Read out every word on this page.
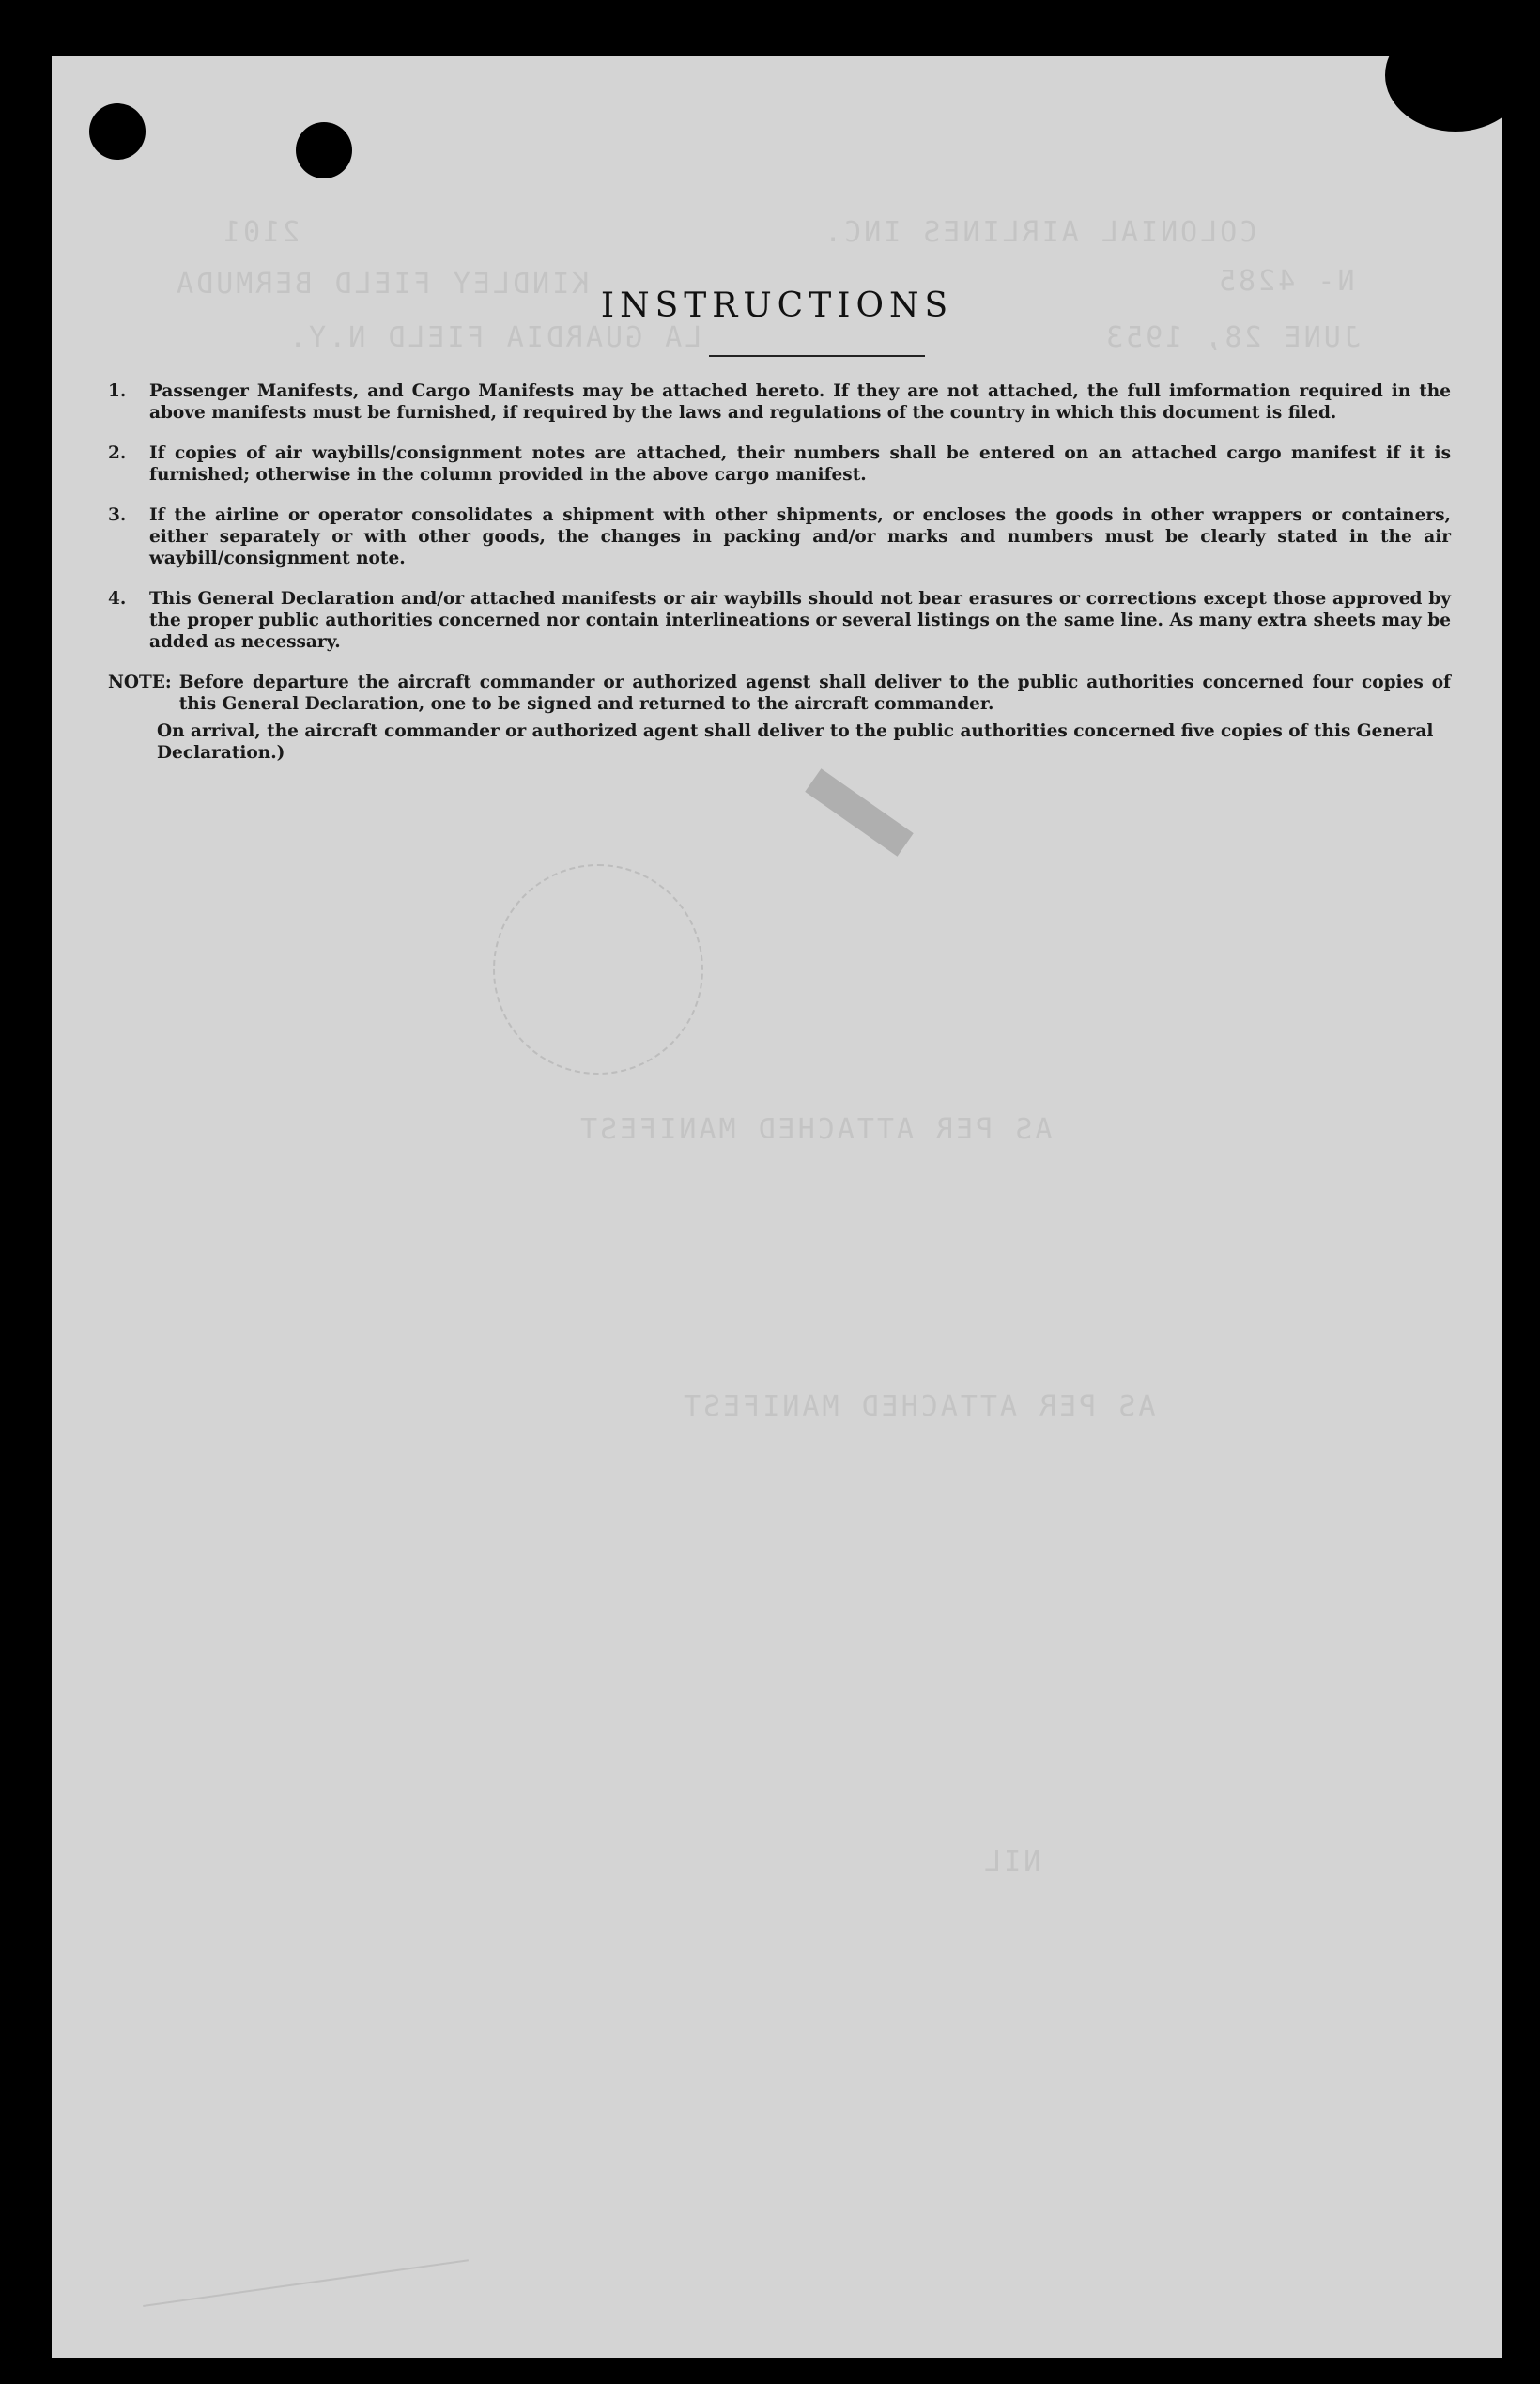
COLONIAL AIRLINES INC.
2101
N- 4285
KINDLEY FIELD BERMUDA
LA GUARDIA FIELD N.Y.	JUNE 28, 1953
AS PER ATTACHED MANIFEST
AS PER ATTACHED MANIFEST
NIL
INSTRUCTIONS
1.	Passenger Manifests, and Cargo Manifests may be attached hereto. If they are not attached, the full imformation required in the above manifests must be furnished, if required by the laws and regulations of the country in which this document is filed.
2.	If copies of air waybills/consignment notes are attached, their numbers shall be entered on an attached cargo manifest if it is furnished; otherwise in the column provided in the above cargo manifest.
3.	If the airline or operator consolidates a shipment with other shipments, or encloses the goods in other wrappers or containers, either separately or with other goods, the changes in packing and/or marks and numbers must be clearly stated in the air waybill/consignment note.
4.	This General Declaration and/or attached manifests or air waybills should not bear erasures or corrections except those approved by the proper public authorities concerned nor contain interlineations or several listings on the same line. As many extra sheets may be added as necessary.
NOTE: Before departure the aircraft commander or authorized agenst shall deliver to the public authorities concerned four copies of this General Declaration, one to be signed and returned to the aircraft commander.
On arrival, the aircraft commander or authorized agent shall deliver to the public authorities concerned five copies of this General Declaration.)
